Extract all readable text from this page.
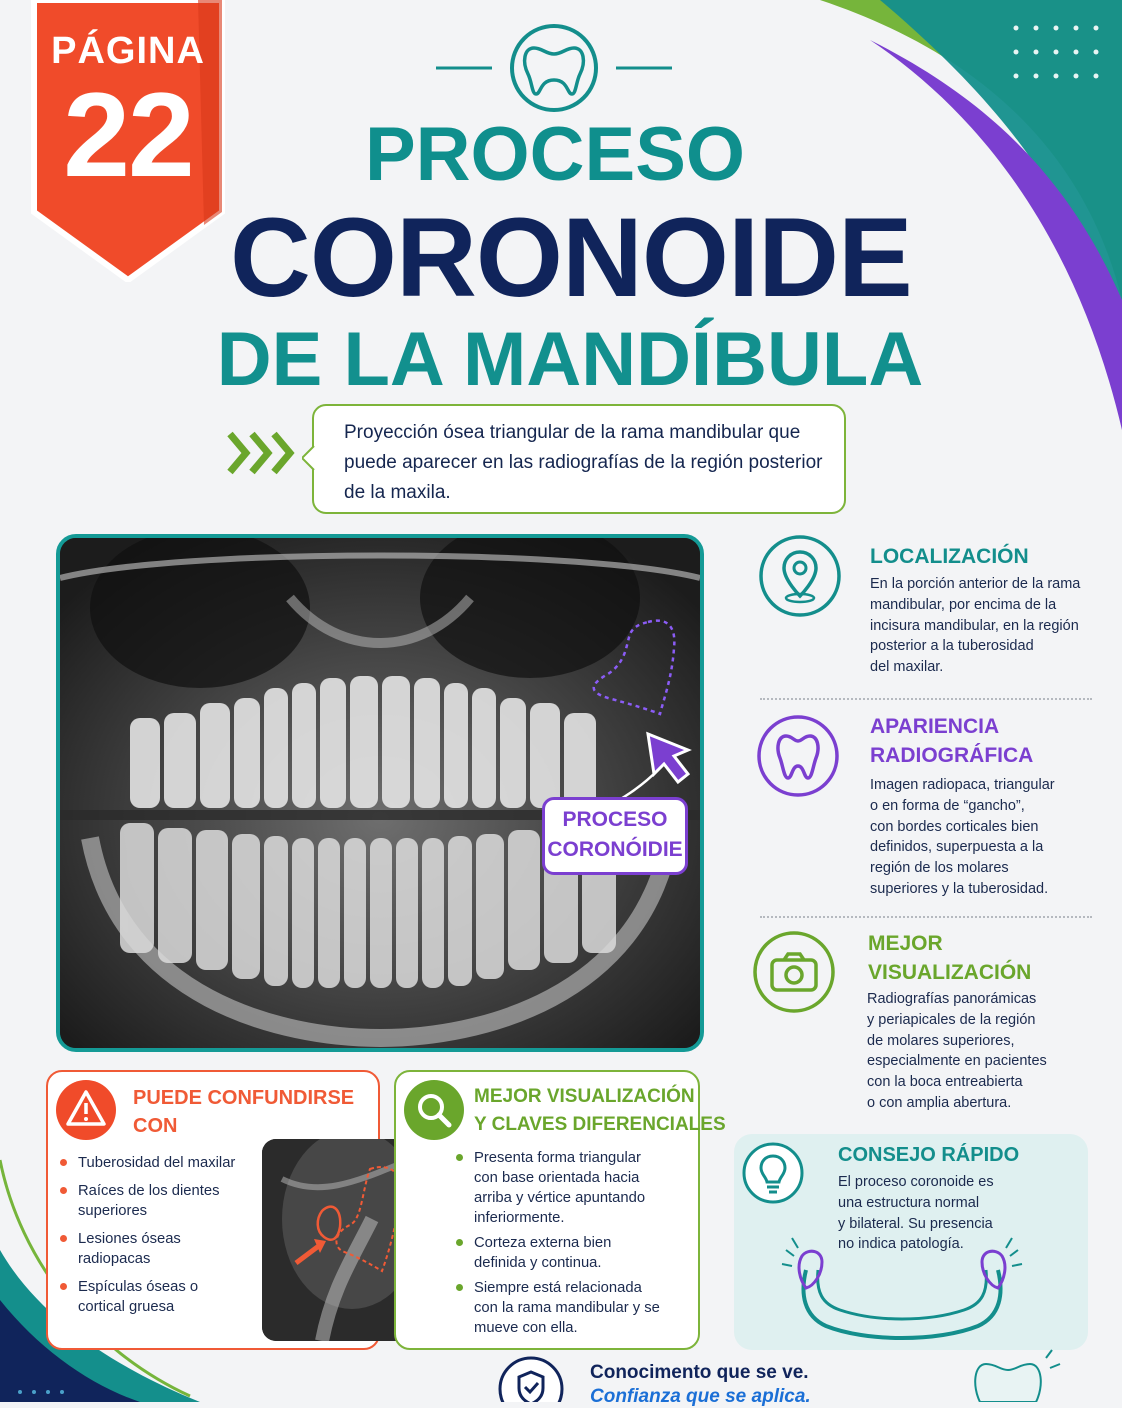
PÁGINA
22	PROCESO
CORONOIDE
DE LA MANDÍBULA
Proyección ósea triangular de la rama mandibular que puede aparecer en las radiografías de la región posterior de la maxila.
PROCESO
CORONÓIDIE
LOCALIZACIÓN
En la porción anterior de la rama
mandibular, por encima de la
incisura mandibular, en la región
posterior a la tuberosidad
del maxilar.
APARIENCIA
RADIOGRÁFICA
Imagen radiopaca, triangular
o en forma de “gancho”,
con bordes corticales bien
definidos, superpuesta a la
región de los molares
superiores y la tuberosidad.
MEJOR
VISUALIZACIÓN
Radiografías panorámicas
y periapicales de la región
de molares superiores,
especialmente en pacientes
con la boca entreabierta
o con amplia abertura.
PUEDE CONFUNDIRSE
CON
Tuberosidad del maxilar
Raíces de los dientes
superiores
Lesiones óseas
radiopacas
Espículas óseas o
cortical gruesa
MEJOR VISUALIZACIÓN
Y CLAVES DIFERENCIALES
Presenta forma triangular
con base orientada hacia
arriba y vértice apuntando
inferiormente.
Corteza externa bien
definida y continua.
Siempre está relacionada
con la rama mandibular y se
mueve con ella.
CONSEJO RÁPIDO
El proceso coronoide es
una estructura normal
y bilateral. Su presencia
no indica patología.
Conocimento que se ve.
Confianza que se aplica.
